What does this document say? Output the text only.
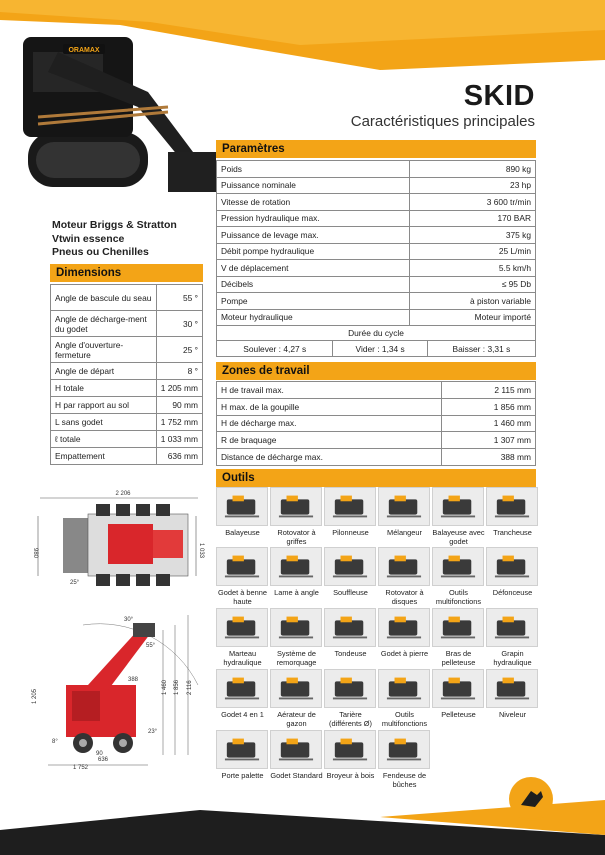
ORAMAX
SKID
Caractéristiques principales
Moteur Briggs & Stratton
Vtwin essence
Pneus ou Chenilles
Dimensions
Angle de bascule du seau	55 °
Angle de décharge-ment du godet	30 °
Angle d'ouverture-fermeture	25 °
Angle de départ	8 °
H totale	1 205 mm
H par rapport au sol	90 mm
L sans godet	1 752 mm
ℓ totale	1 033 mm
Empattement	636 mm
Paramètres
Poids	890 kg
Puissance nominale	23 hp
Vitesse de rotation	3 600 tr/min
Pression hydraulique max.	170 BAR
Puissance de levage max.	375 kg
Débit pompe hydraulique	25 L/min
V de déplacement	5.5 km/h
Décibels	≤ 95 Db
Pompe	à piston variable
Moteur hydraulique	Moteur importé
Durée du cycle
Soulever : 4,27 s	Vider : 1,34 s	Baisser : 3,31 s
Zones de travail
H de travail max.	2 115 mm
H max. de la goupille	1 856 mm
H de décharge max.	1 460 mm
R de braquage	1 307 mm
Distance de décharge max.	388 mm
Outils
Balayeuse	Rotovator à griffes
Pilonneuse	Mélangeur	Balayeuse avec godet
Trancheuse
Godet à benne haute
Lame à angle	Souffleuse	Rotovator à disques
Outils multifonctions
Défonceuse
Marteau hydraulique
Système de remorquage
Tondeuse	Godet à pierre	Bras de pelleteuse
Grapin hydraulique
Godet 4 en 1	Aérateur de gazon
Tarière (différents Ø)
Outils multifonctions
Pelleteuse	Niveleur
Porte palette Godet Standard Broyeur à bois	Fendeuse de bûches
2 206
980	1 033
25°
1 205
90
636
1 752
388	1 460 1 856 2 116
30°
55°
8°
23°
